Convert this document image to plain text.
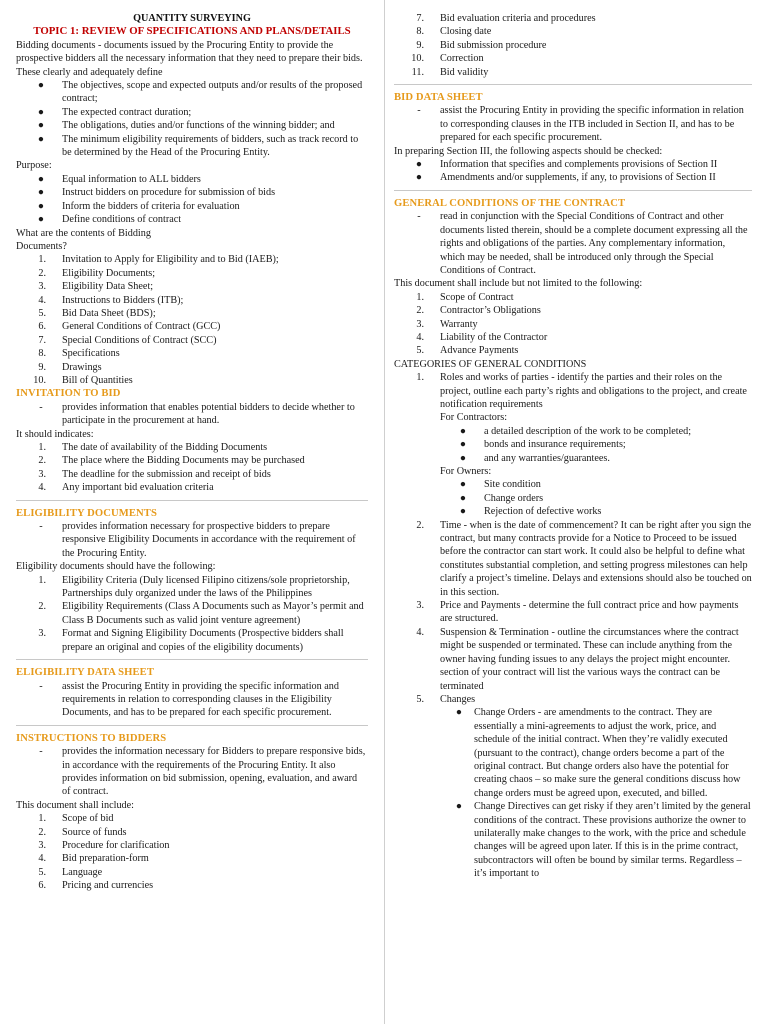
QUANTITY SURVEYING
TOPIC 1: REVIEW OF SPECIFICATIONS AND PLANS/DETAILS
Bidding documents - documents issued by the Procuring Entity to provide the prospective bidders all the necessary information that they need to prepare their bids.
These clearly and adequately define
● The objectives, scope and expected outputs and/or results of the proposed contract;
● The expected contract duration;
● The obligations, duties and/or functions of the winning bidder; and
● The minimum eligibility requirements of bidders, such as track record to be determined by the Head of the Procuring Entity.
Purpose:
● Equal information to ALL bidders
● Instruct bidders on procedure for submission of bids
● Inform the bidders of criteria for evaluation
● Define conditions of contract
What are the contents of Bidding Documents?
1. Invitation to Apply for Eligibility and to Bid (IAEB);
2. Eligibility Documents;
3. Eligibility Data Sheet;
4. Instructions to Bidders (ITB);
5. Bid Data Sheet (BDS);
6. General Conditions of Contract (GCC)
7. Special Conditions of Contract (SCC)
8. Specifications
9. Drawings
10. Bill of Quantities
INVITATION TO BID
-	provides information that enables potential bidders to decide whether to participate in the procurement at hand.
It should indicates:
1. The date of availability of the Bidding Documents
2. The place where the Bidding Documents may be purchased
3. The deadline for the submission and receipt of bids
4. Any important bid evaluation criteria
ELIGIBILITY DOCUMENTS
-	provides information necessary for prospective bidders to prepare responsive Eligibility Documents in accordance with the requirement of the Procuring Entity.
Eligibility documents should have the following:
1. Eligibility Criteria (Duly licensed Filipino citizens/sole proprietorship, Partnerships duly organized under the laws of the Philippines
2. Eligibility Requirements (Class A Documents such as Mayor’s permit and Class B Documents such as valid joint venture agreement)
3. Format and Signing Eligibility Documents (Prospective bidders shall prepare an original and copies of the eligibility documents)
ELIGIBILITY DATA SHEET
-	assist the Procuring Entity in providing the specific information and requirements in relation to corresponding clauses in the Eligibility Documents, and has to be prepared for each specific procurement.
INSTRUCTIONS TO BIDDERS
-	provides the information necessary for Bidders to prepare responsive bids, in accordance with the requirements of the Procuring Entity. It also provides information on bid submission, opening, evaluation, and award of contract.
This document shall include:
1. Scope of bid
2. Source of funds
3. Procedure for clarification
4. Bid preparation-form
5. Language
6. Pricing and currencies
7. Bid evaluation criteria and procedures
8. Closing date
9. Bid submission procedure
10. Correction
11. Bid validity
BID DATA SHEET
-	assist the Procuring Entity in providing the specific information in relation to corresponding clauses in the ITB included in Section II, and has to be prepared for each specific procurement.
In preparing Section III, the following aspects should be checked:
● Information that specifies and complements provisions of Section II
● Amendments and/or supplements, if any, to provisions of Section II
GENERAL CONDITIONS OF THE CONTRACT
-	read in conjunction with the Special Conditions of Contract and other documents listed therein, should be a complete document expressing all the rights and obligations of the parties. Any complementary information, which may be needed, shall be introduced only through the Special Conditions of Contract.
This document shall include but not limited to the following:
1. Scope of Contract
2. Contractor’s Obligations
3. Warranty
4. Liability of the Contractor
5. Advance Payments
CATEGORIES OF GENERAL CONDITIONS
1. Roles and works of parties - identify the parties and their roles on the project, outline each party’s rights and obligations to the project, and create notification requirements
For Contractors:
● a detailed description of the work to be completed;
● bonds and insurance requirements;
● and any warranties/guarantees.
For Owners:
● Site condition
● Change orders
● Rejection of defective works
2. Time - when is the date of commencement? It can be right after you sign the contract, but many contracts provide for a Notice to Proceed to be issued before the contractor can start work. It could also be helpful to define what constitutes substantial completion, and setting progress milestones can help clarify a project’s timeline. Delays and extensions should also be touched on in this section.
3. Price and Payments - determine the full contract price and how payments are structured.
4. Suspension & Termination - outline the circumstances where the contract might be suspended or terminated. These can include anything from the owner having funding issues to any delays the project might encounter. section of your contract will list the various ways the contract can be terminated
5. Changes
● Change Orders - are amendments to the contract. They are essentially a mini-agreements to adjust the work, price, and schedule of the initial contract. When they’re validly executed (pursuant to the contract), change orders become a part of the original contract. But change orders also have the potential for creating chaos – so make sure the general conditions discuss how change orders must be agreed upon, executed, and billed.
● Change Directives can get risky if they aren’t limited by the general conditions of the contract. These provisions authorize the owner to unilaterally make changes to the work, with the price and schedule changes will be agreed upon later. If this is in the prime contract, subcontractors will often be bound by similar terms. Regardless – it’s important to
